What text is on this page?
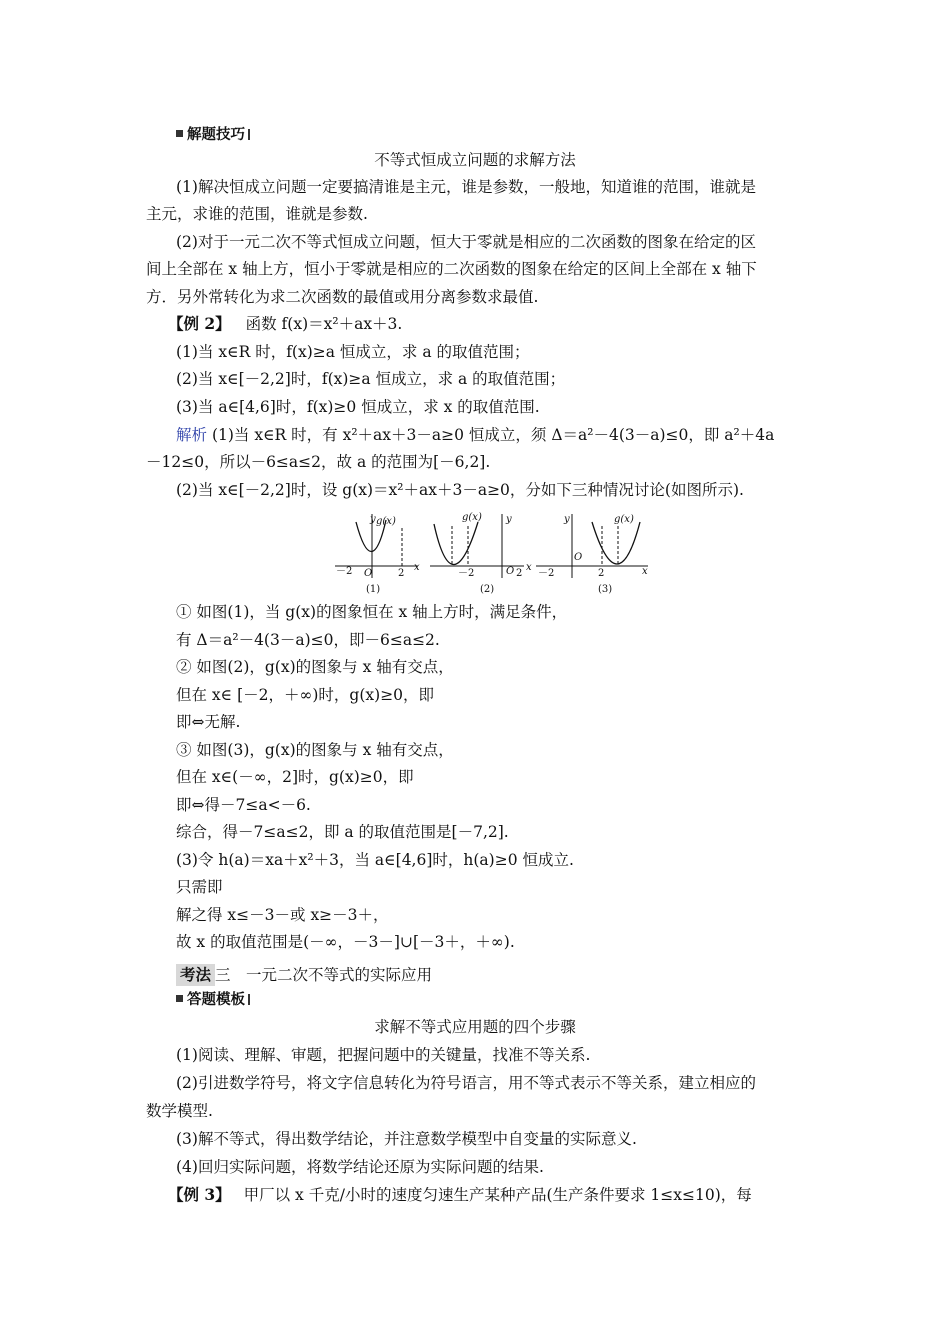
解题技巧
不等式恒成立问题的求解方法
(1)解决恒成立问题一定要搞清谁是主元，谁是参数，一般地，知道谁的范围，谁就是
主元，求谁的范围，谁就是参数.
(2)对于一元二次不等式恒成立问题，恒大于零就是相应的二次函数的图象在给定的区
间上全部在 x 轴上方，恒小于零就是相应的二次函数的图象在给定的区间上全部在 x 轴下
方．另外常转化为求二次函数的最值或用分离参数求最值.
【例 2】 函数 f(x)＝x²＋ax＋3.
(1)当 x∈R 时，f(x)≥a 恒成立，求 a 的取值范围；
(2)当 x∈[－2,2]时，f(x)≥a 恒成立，求 a 的取值范围；
(3)当 a∈[4,6]时，f(x)≥0 恒成立，求 x 的取值范围.
解析 (1)当 x∈R 时，有 x²＋ax＋3－a≥0 恒成立，须 Δ＝a²－4(3－a)≤0，即 a²＋4a
－12≤0，所以－6≤a≤2，故 a 的范围为[－6,2].
(2)当 x∈[－2,2]时，设 g(x)＝x²＋ax＋3－a≥0，分如下三种情况讨论(如图所示).
－2 O	2
x
y g(x)
(1)
－2	O 2
x
y
g(x)
(2)
－2
O
2	x
y	g(x)
(3)
① 如图(1)，当 g(x)的图象恒在 x 轴上方时，满足条件，
有 Δ＝a²－4(3－a)≤0，即－6≤a≤2.
② 如图(2)，g(x)的图象与 x 轴有交点，
但在 x∈ [－2，＋∞)时，g(x)≥0，即
即⇔无解.
③ 如图(3)，g(x)的图象与 x 轴有交点，
但在 x∈(－∞，2]时，g(x)≥0，即
即⇔得－7≤a<－6.
综合，得－7≤a≤2，即 a 的取值范围是[－7,2].
(3)令 h(a)＝xa＋x²＋3，当 a∈[4,6]时，h(a)≥0 恒成立.
只需即
解之得 x≤－3－或 x≥－3＋，
故 x 的取值范围是(－∞，－3－]∪[－3＋，＋∞).
考法 三　一元二次不等式的实际应用
答题模板
求解不等式应用题的四个步骤
(1)阅读、理解、审题，把握问题中的关键量，找准不等关系.
(2)引进数学符号，将文字信息转化为符号语言，用不等式表示不等关系，建立相应的
数学模型.
(3)解不等式，得出数学结论，并注意数学模型中自变量的实际意义.
(4)回归实际问题，将数学结论还原为实际问题的结果.
【例 3】 甲厂以 x 千克/小时的速度匀速生产某种产品(生产条件要求 1≤x≤10)，每
